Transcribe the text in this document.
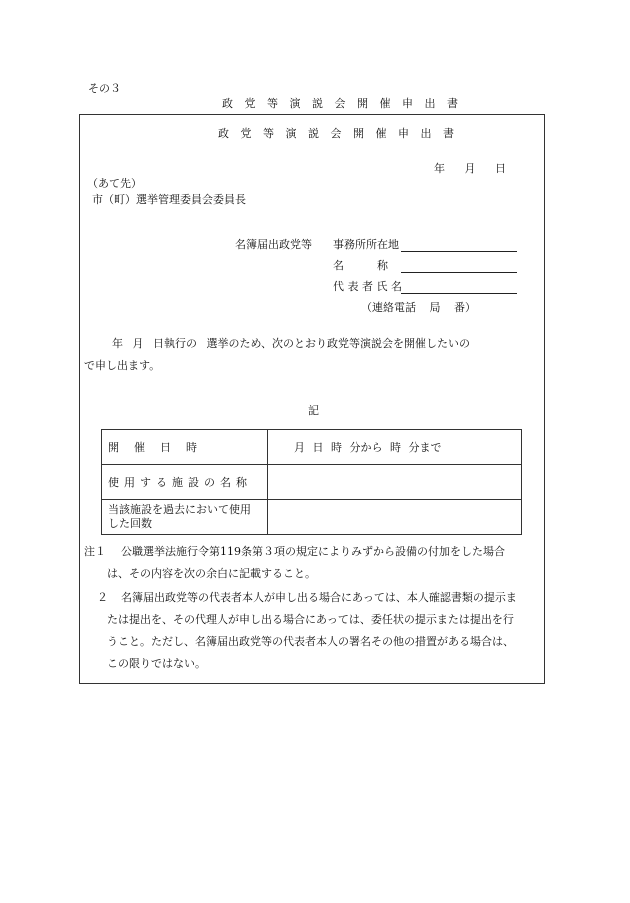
その３
政 党 等 演 説 会 開 催 申 出 書
政 党 等 演 説 会 開 催 申 出 書
年 月 日
（あて先）
市（町）選挙管理委員会委員長
名簿届出政党等 事務所所在地
名　　　称
代 表 者 氏 名
（連絡電話 局 番）
年 月 日執行の 選挙のため、次のとおり政党等演説会を開催したいの
で申し出ます。
記
開催日時	月 日 時 分から 時 分まで
使用する施設の名称	
当該施設を過去において使用した回数	
注１ 公職選挙法施行令第119条第３項の規定によりみずから設備の付加をした場合
は、その内容を次の余白に記載すること。
２ 名簿届出政党等の代表者本人が申し出る場合にあっては、本人確認書類の提示ま
たは提出を、その代理人が申し出る場合にあっては、委任状の提示または提出を行
うこと。ただし、名簿届出政党等の代表者本人の署名その他の措置がある場合は、
この限りではない。
